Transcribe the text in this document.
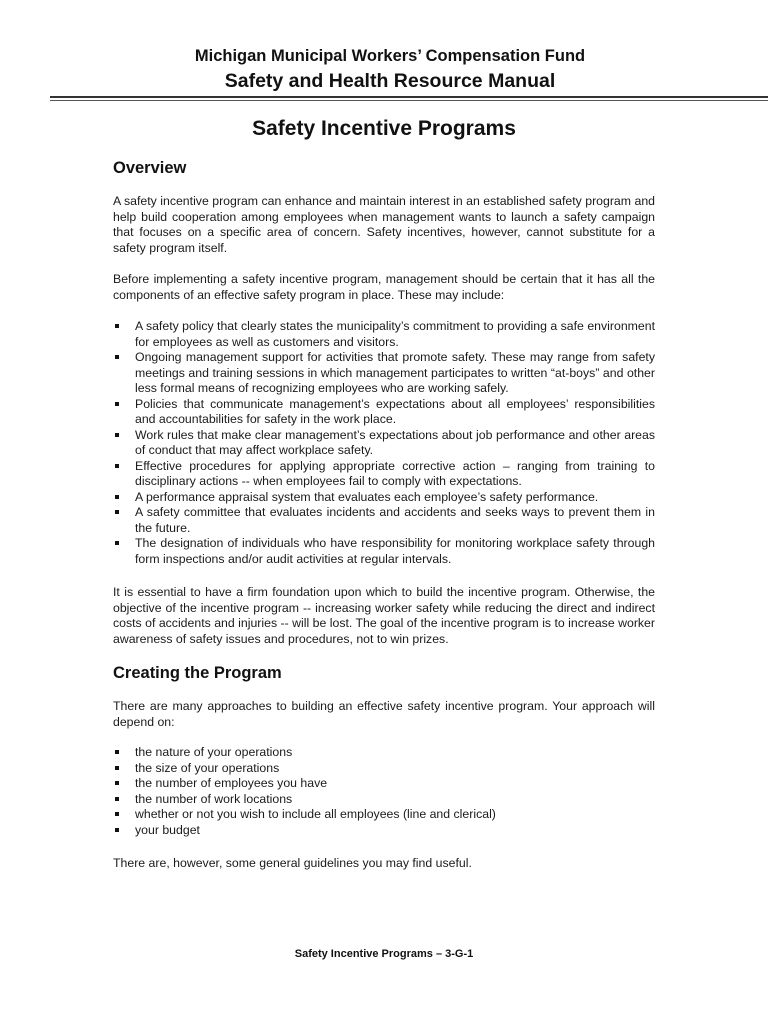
Michigan Municipal Workers’ Compensation Fund
Safety and Health Resource Manual
Safety Incentive Programs
Overview
A safety incentive program can enhance and maintain interest in an established safety program and help build cooperation among employees when management wants to launch a safety campaign that focuses on a specific area of concern. Safety incentives, however, cannot substitute for a safety program itself.
Before implementing a safety incentive program, management should be certain that it has all the components of an effective safety program in place. These may include:
A safety policy that clearly states the municipality’s commitment to providing a safe environment for employees as well as customers and visitors.
Ongoing management support for activities that promote safety. These may range from safety meetings and training sessions in which management participates to written “at-boys” and other less formal means of recognizing employees who are working safely.
Policies that communicate management’s expectations about all employees’ responsibilities and accountabilities for safety in the work place.
Work rules that make clear management’s expectations about job performance and other areas of conduct that may affect workplace safety.
Effective procedures for applying appropriate corrective action – ranging from training to disciplinary actions -- when employees fail to comply with expectations.
A performance appraisal system that evaluates each employee’s safety performance.
A safety committee that evaluates incidents and accidents and seeks ways to prevent them in the future.
The designation of individuals who have responsibility for monitoring workplace safety through form inspections and/or audit activities at regular intervals.
It is essential to have a firm foundation upon which to build the incentive program. Otherwise, the objective of the incentive program -- increasing worker safety while reducing the direct and indirect costs of accidents and injuries -- will be lost. The goal of the incentive program is to increase worker awareness of safety issues and procedures, not to win prizes.
Creating the Program
There are many approaches to building an effective safety incentive program. Your approach will depend on:
the nature of your operations
the size of your operations
the number of employees you have
the number of work locations
whether or not you wish to include all employees (line and clerical)
your budget
There are, however, some general guidelines you may find useful.
Safety Incentive Programs – 3-G-1
